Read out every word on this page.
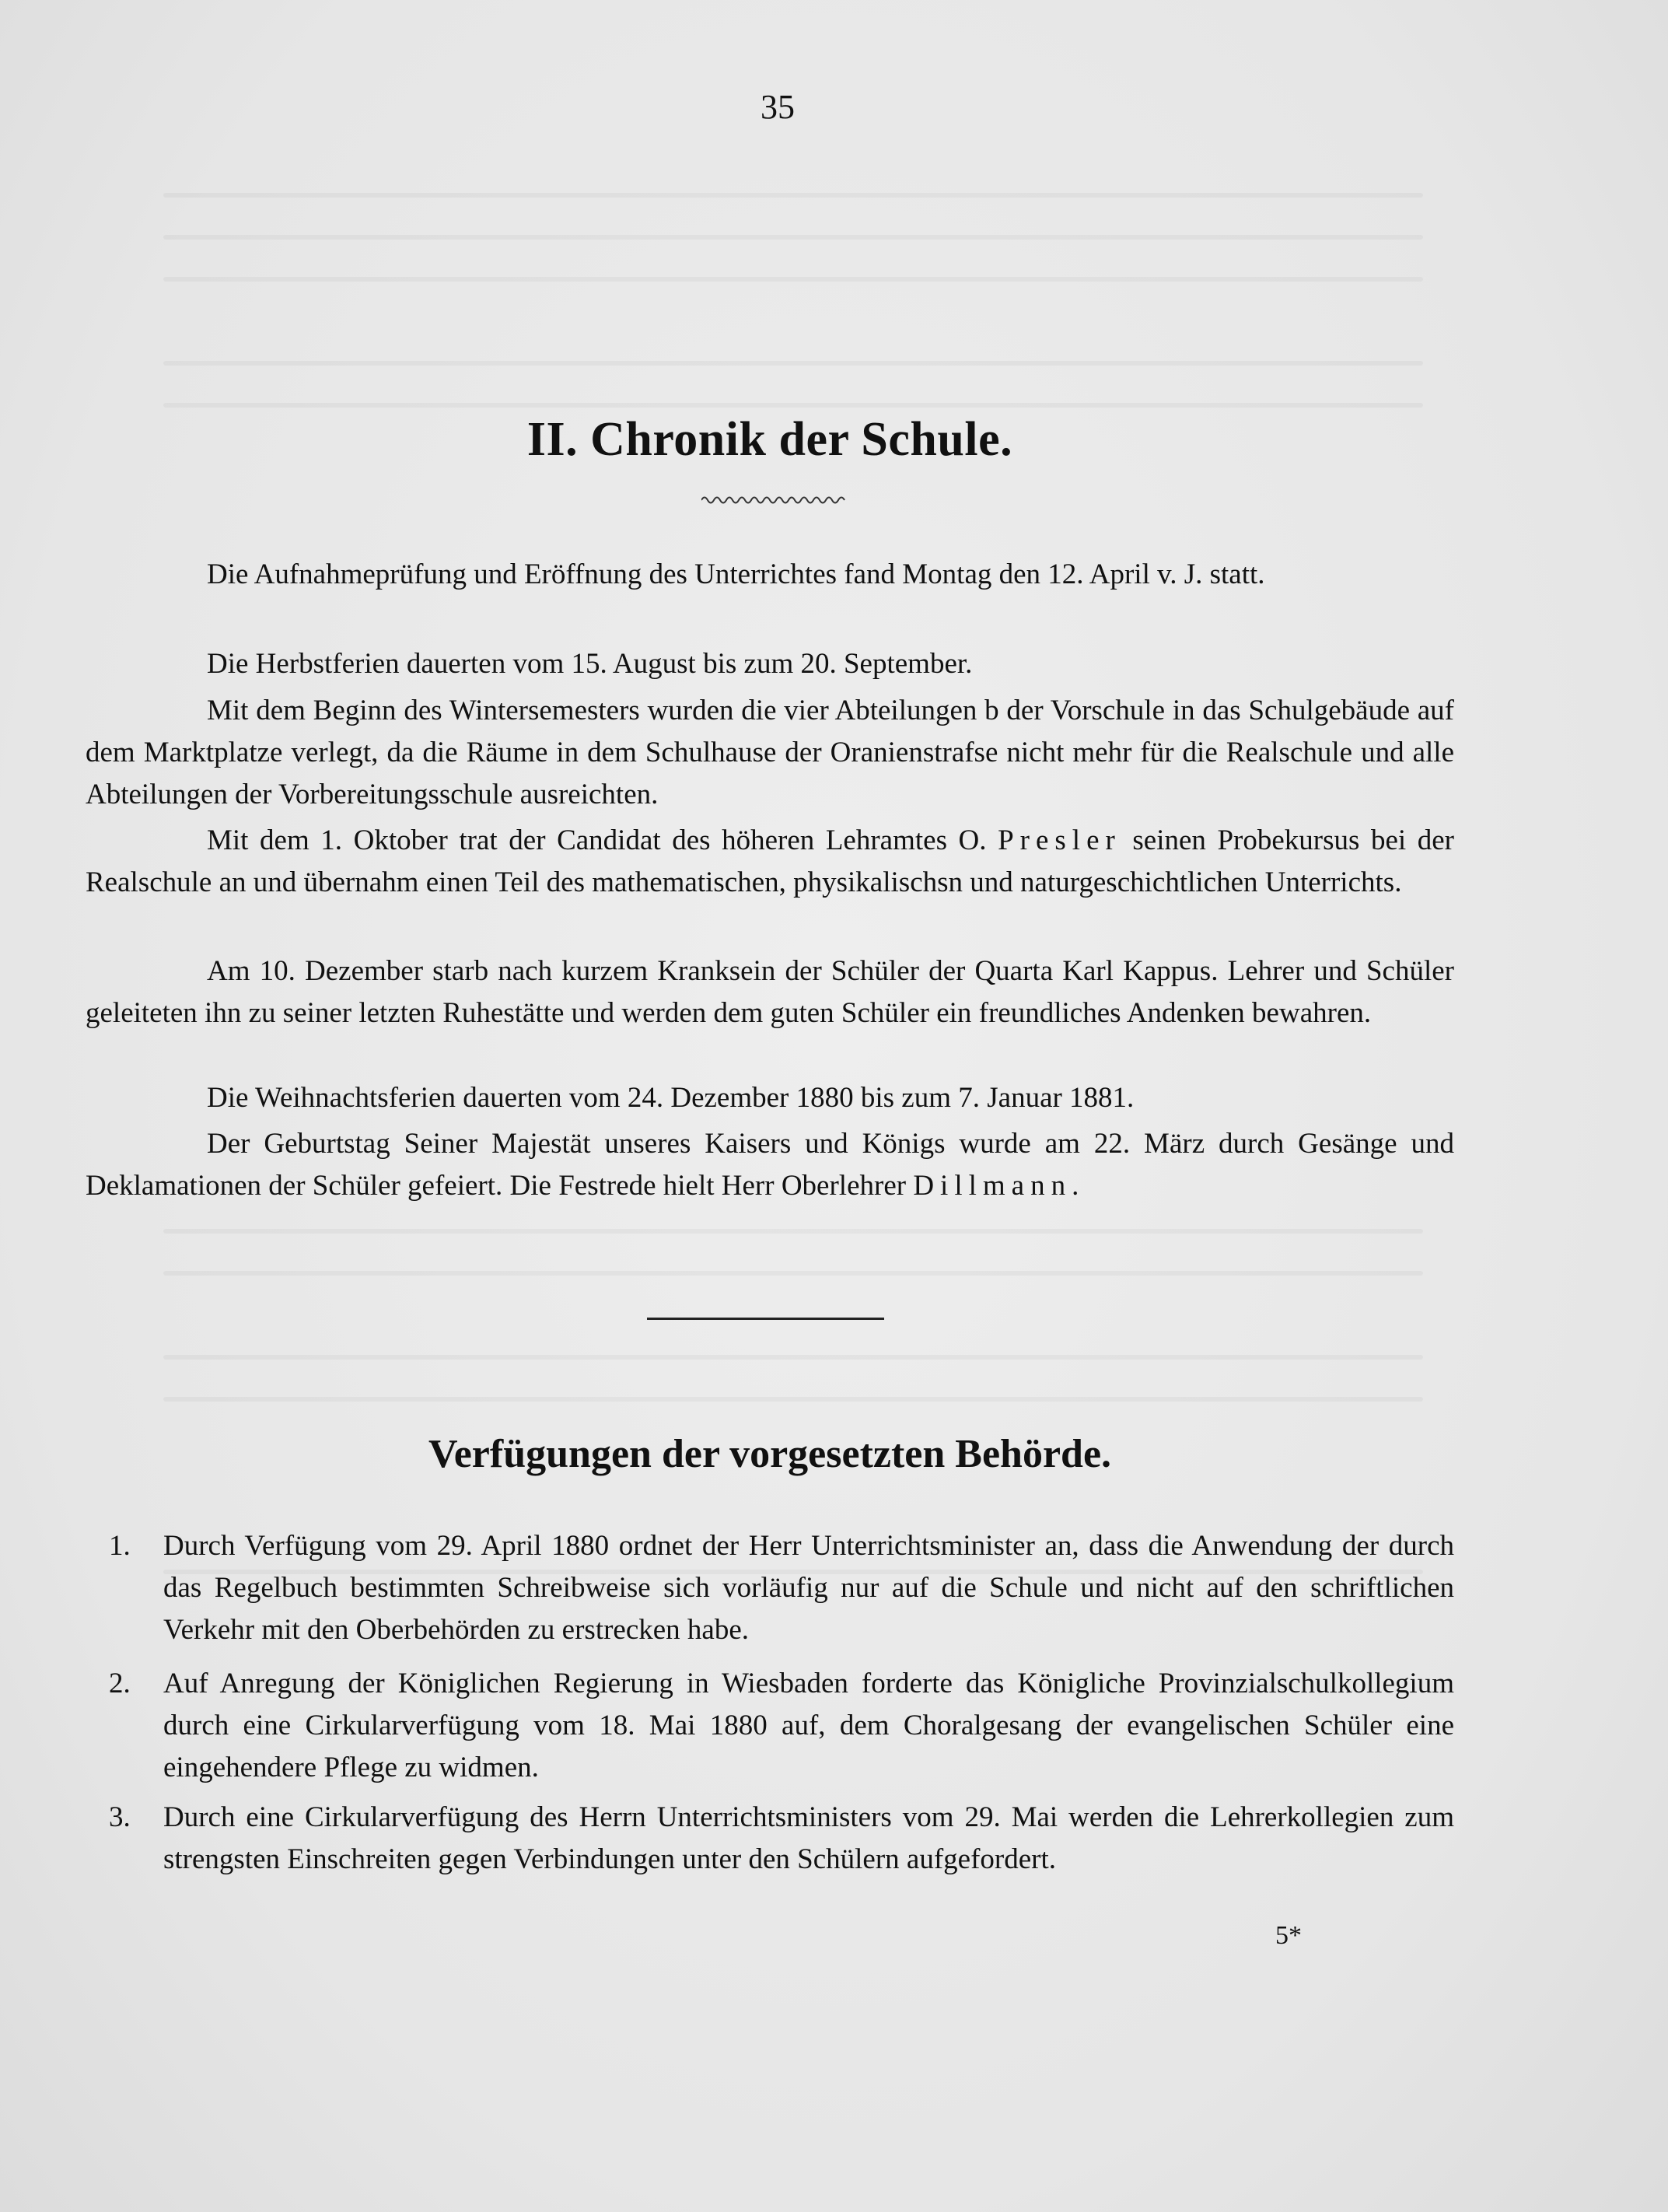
35
II. Chronik der Schule.
Die Aufnahmeprüfung und Eröffnung des Unterrichtes fand Montag den 12. April v. J. statt.
Die Herbstferien dauerten vom 15. August bis zum 20. September.
Mit dem Beginn des Wintersemesters wurden die vier Abteilungen b der Vorschule in das Schulgebäude auf dem Marktplatze verlegt, da die Räume in dem Schulhause der Oranienstrafse nicht mehr für die Realschule und alle Abteilungen der Vorbereitungsschule ausreichten.
Mit dem 1. Oktober trat der Candidat des höheren Lehramtes O. Presler seinen Probekursus bei der Realschule an und übernahm einen Teil des mathematischen, physikalischsn und naturgeschichtlichen Unterrichts.
Am 10. Dezember starb nach kurzem Kranksein der Schüler der Quarta Karl Kappus. Lehrer und Schüler geleiteten ihn zu seiner letzten Ruhestätte und werden dem guten Schüler ein freundliches Andenken bewahren.
Die Weihnachtsferien dauerten vom 24. Dezember 1880 bis zum 7. Januar 1881.
Der Geburtstag Seiner Majestät unseres Kaisers und Königs wurde am 22. März durch Gesänge und Deklamationen der Schüler gefeiert. Die Festrede hielt Herr Oberlehrer Dillmann.
Verfügungen der vorgesetzten Behörde.
1.	Durch Verfügung vom 29. April 1880 ordnet der Herr Unterrichtsminister an, dass die Anwendung der durch das Regelbuch bestimmten Schreibweise sich vorläufig nur auf die Schule und nicht auf den schriftlichen Verkehr mit den Oberbehörden zu erstrecken habe.
2.	Auf Anregung der Königlichen Regierung in Wiesbaden forderte das Königliche Provinzialschulkollegium durch eine Cirkularverfügung vom 18. Mai 1880 auf, dem Choralgesang der evangelischen Schüler eine eingehendere Pflege zu widmen.
3.	Durch eine Cirkularverfügung des Herrn Unterrichtsministers vom 29. Mai werden die Lehrerkollegien zum strengsten Einschreiten gegen Verbindungen unter den Schülern aufgefordert.
5*
